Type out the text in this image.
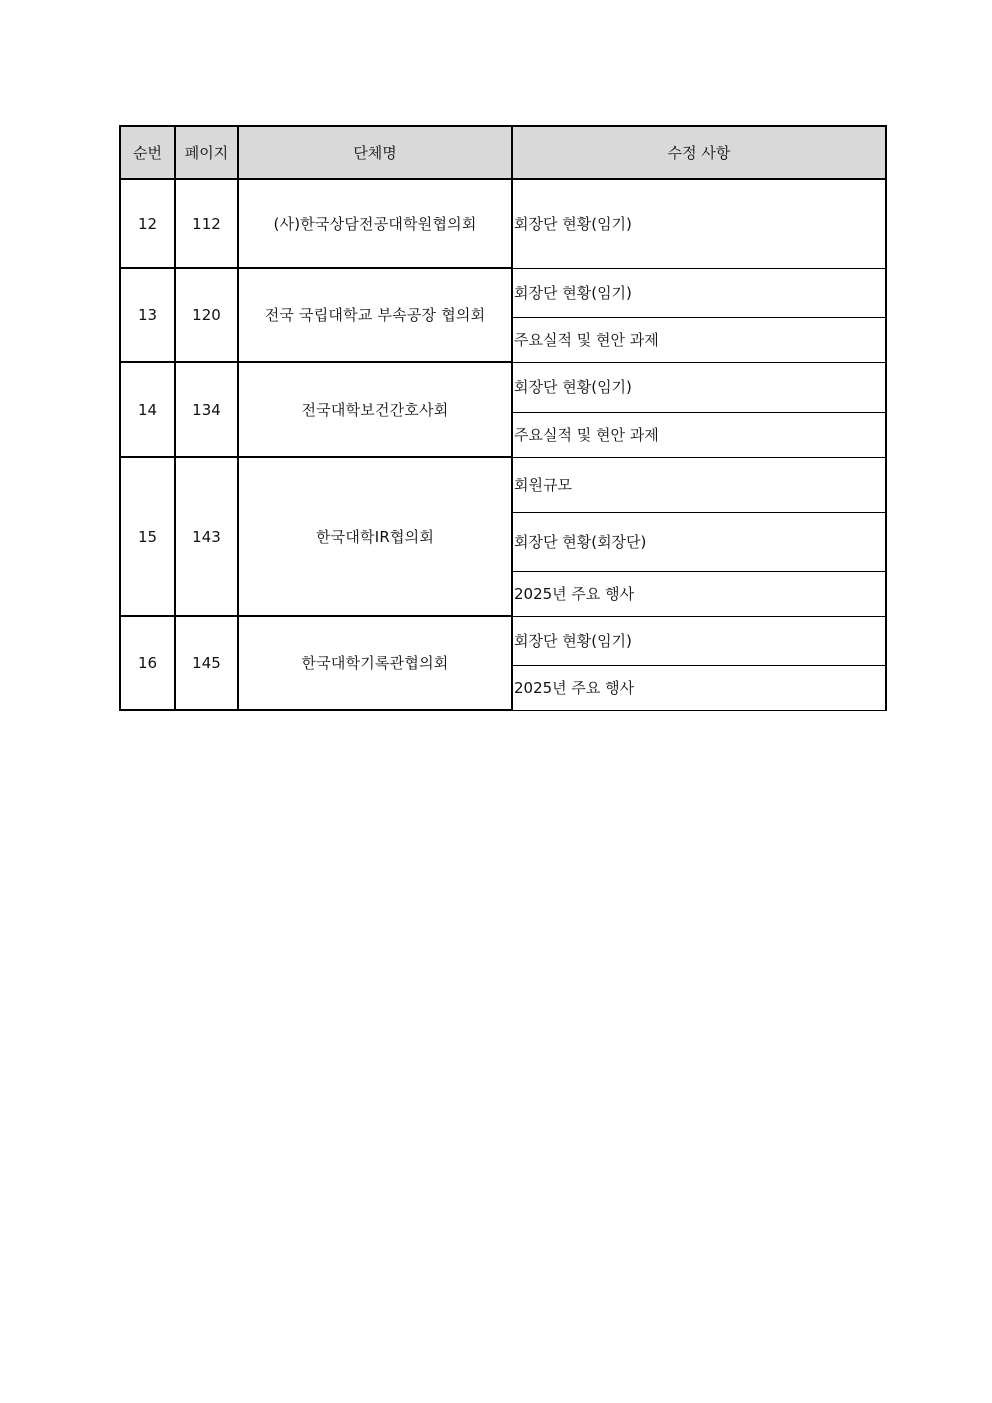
순번	페이지	단체명	수정 사항
12	112	(사)한국상담전공대학원협의회	회장단 현황(임기)
13	120	전국 국립대학교 부속공장 협의회	회장단 현황(임기)
			주요실적 및 현안 과제
14	134	전국대학보건간호사회	회장단 현황(임기)
			주요실적 및 현안 과제
15	143	한국대학IR협의회	회원규모
			회장단 현황(회장단)
			2025년 주요 행사
16	145	한국대학기록관협의회	회장단 현황(임기)
			2025년 주요 행사
